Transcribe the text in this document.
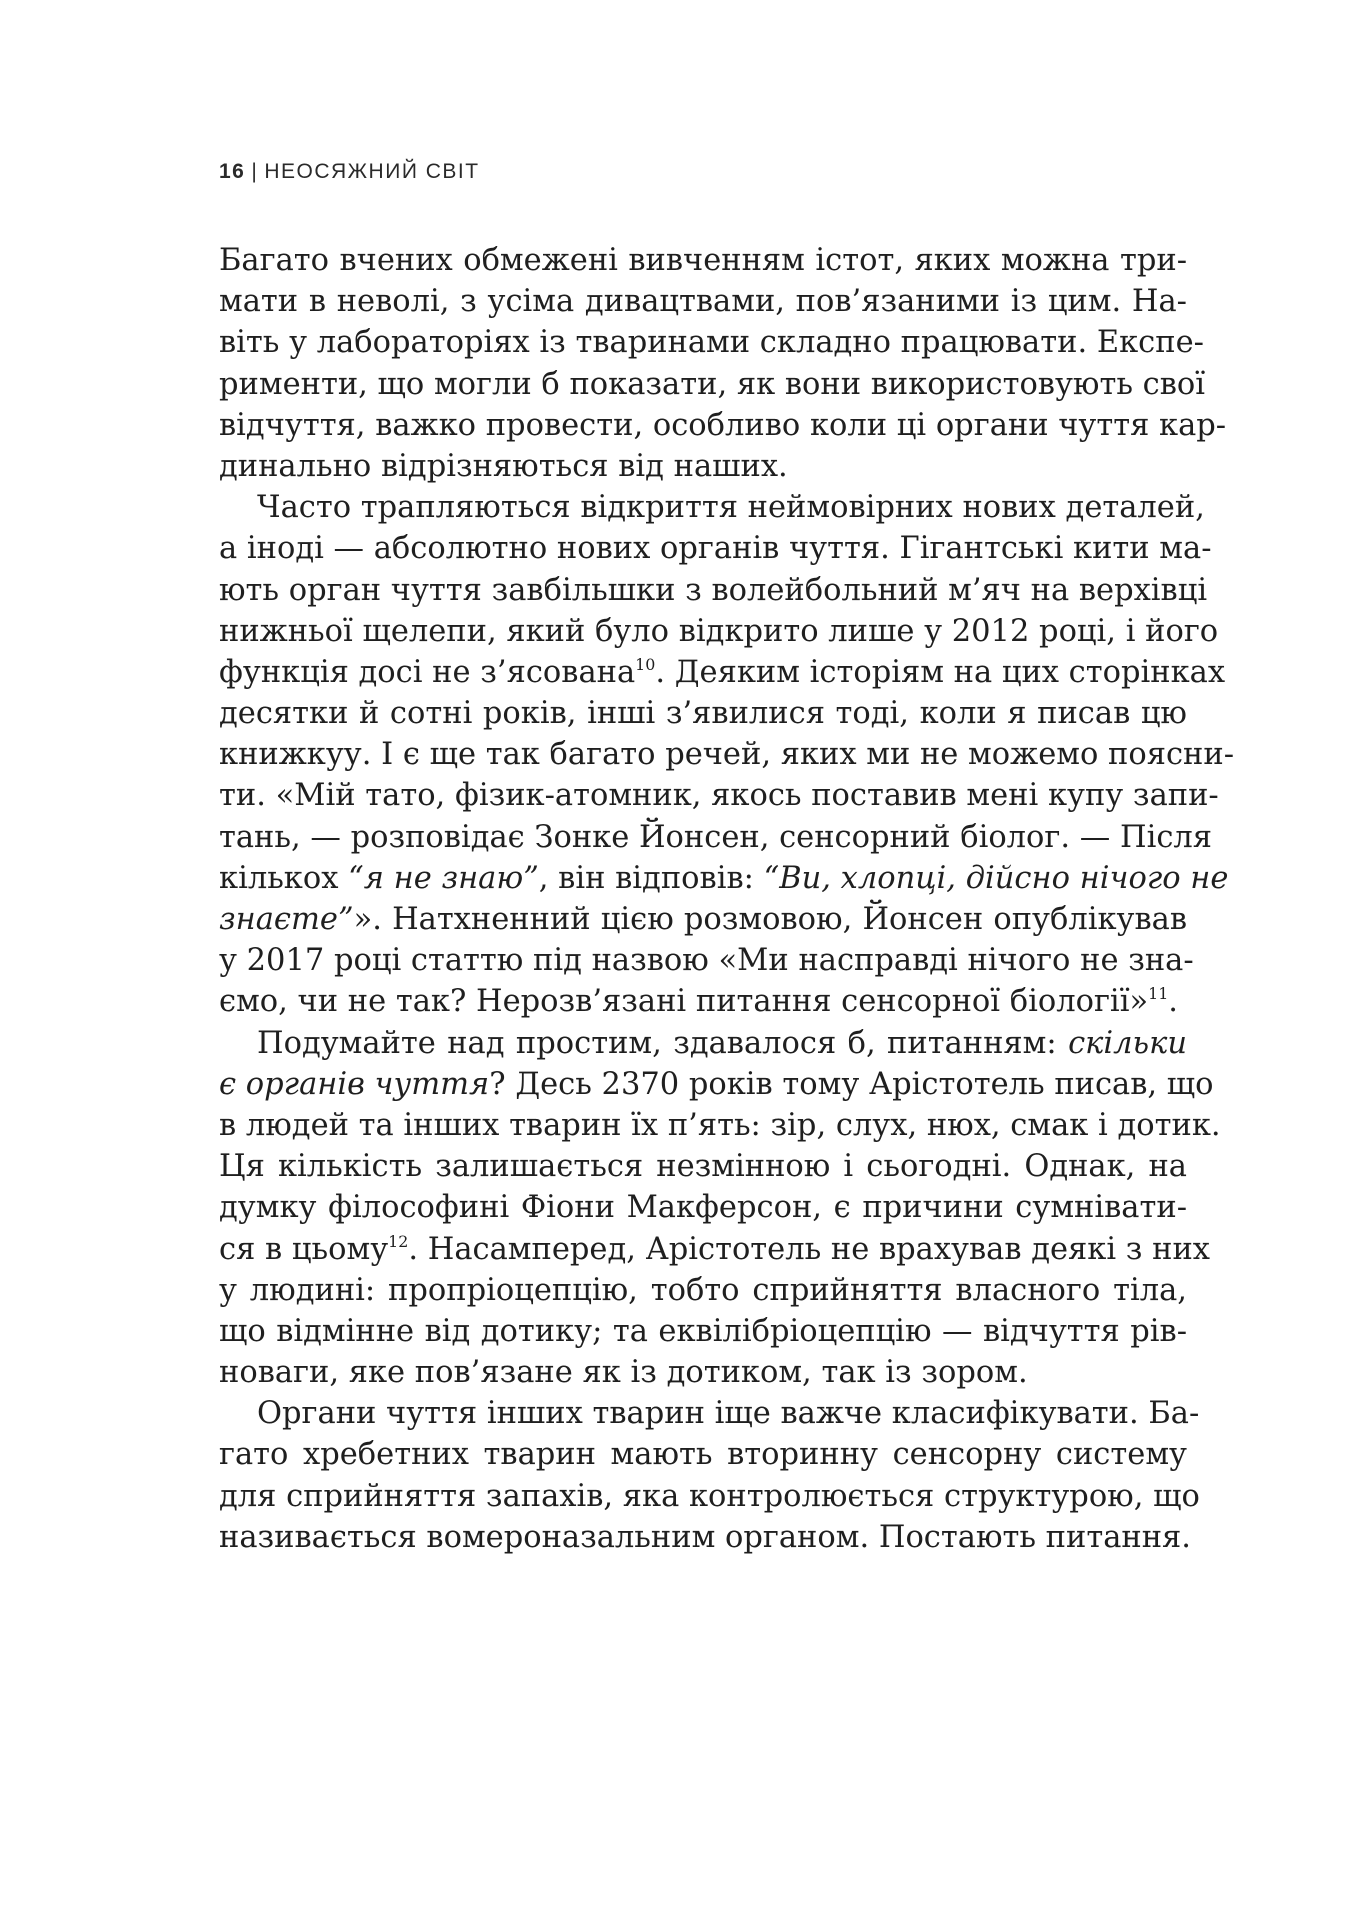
16 | НЕОСЯЖНИЙ СВІТ
Багато вчених обмежені вивченням істот, яких можна три-
мати в неволі, з усіма дивацтвами, пов’язаними із цим. На-
віть у лабораторіях із тваринами складно працювати. Експе-
рименти, що могли б показати, як вони використовують свої
відчуття, важко провести, особливо коли ці органи чуття кар-
динально відрізняються від наших.
Часто трапляються відкриття неймовірних нових деталей,
а іноді — абсолютно нових органів чуття. Гігантські кити ма-
ють орган чуття завбільшки з волейбольний м’яч на верхівці
нижньої щелепи, який було відкрито лише у 2012 році, і його
функція досі не з’ясована$^{10}$. Деяким історіям на цих сторінках
десятки й сотні років, інші з’явилися тоді, коли я писав цю
книжкуу. І є ще так багато речей, яких ми не можемо поясни-
ти. «Мій тато, фізик-атомник, якось поставив мені купу запи-
тань, — розповідає Зонке Йонсен, сенсорний біолог. — Після
кількох “я не знаю”, він відповів: “Ви, хлопці, дійсно нічого не
знаєте”». Натхненний цією розмовою, Йонсен опублікував
у 2017 році статтю під назвою «Ми насправді нічого не зна-
ємо, чи не так? Нерозв’язані питання сенсорної біології»$^{11}$.
Подумайте над простим, здавалося б, питанням: скільки
є органів чуття? Десь 2370 років тому Арістотель писав, що
в людей та інших тварин їх п’ять: зір, слух, нюх, смак і дотик.
Ця кількість залишається незмінною і сьогодні. Однак, на
думку філософині Фіони Макферсон, є причини сумнівати-
ся в цьому$^{12}$. Насамперед, Арістотель не врахував деякі з них
у людині: пропріоцепцію, тобто сприйняття власного тіла,
що відмінне від дотику; та еквілібріоцепцію — відчуття рів-
новаги, яке пов’язане як із дотиком, так із зором.
Органи чуття інших тварин іще важче класифікувати. Ба-
гато хребетних тварин мають вторинну сенсорну систему
для сприйняття запахів, яка контролюється структурою, що
називається вомероназальним органом. Постають питання.
